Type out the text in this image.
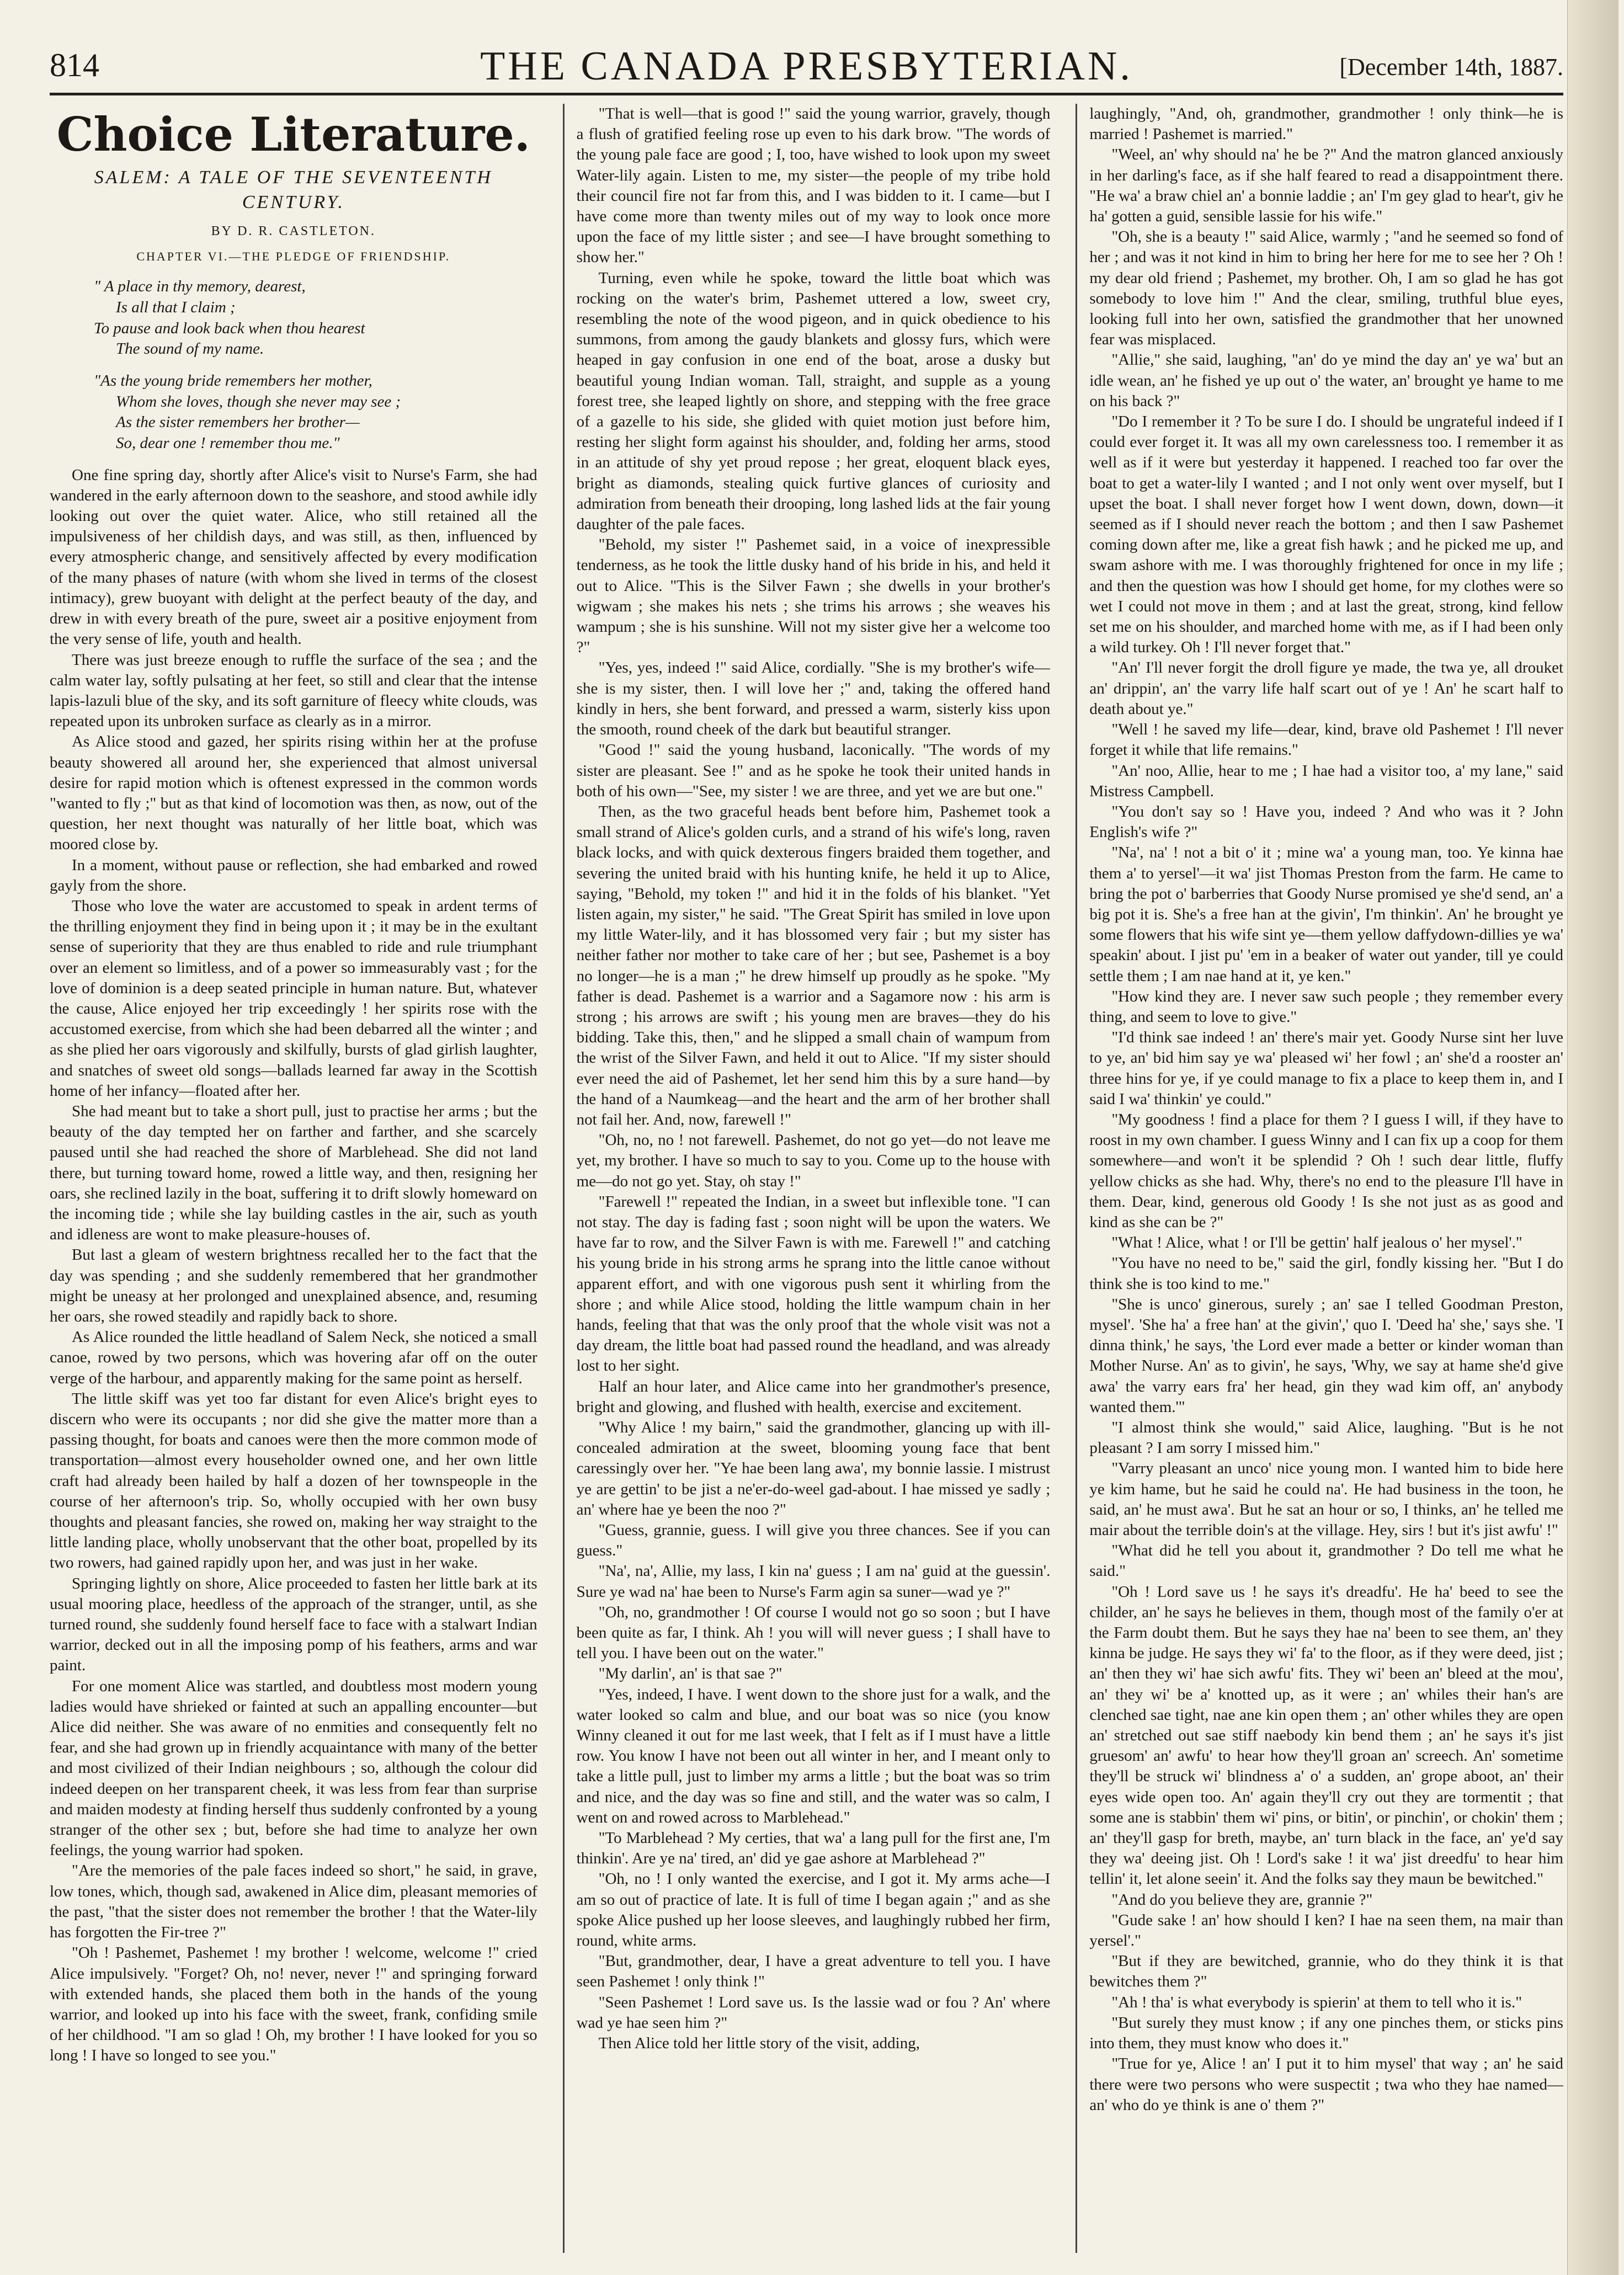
814	THE CANADA PRESBYTERIAN.	[December 14th, 1887.
Choice Literature.
SALEM: A TALE OF THE SEVENTEENTH CENTURY.
BY D. R. CASTLETON.
CHAPTER VI.—THE PLEDGE OF FRIENDSHIP.
" A place in thy memory, dearest,
Is all that I claim ;
To pause and look back when thou hearest
The sound of my name.
"As the young bride remembers her mother,
Whom she loves, though she never may see ;
As the sister remembers her brother—
So, dear one ! remember thou me."

One fine spring day, shortly after Alice's visit to Nurse's Farm, she had wandered in the early afternoon down to the seashore, and stood awhile idly looking out over the quiet water. Alice, who still retained all the impulsiveness of her childish days, and was still, as then, influenced by every atmospheric change, and sensitively affected by every modification of the many phases of nature (with whom she lived in terms of the closest intimacy), grew buoyant with delight at the perfect beauty of the day, and drew in with every breath of the pure, sweet air a positive enjoyment from the very sense of life, youth and health.

There was just breeze enough to ruffle the surface of the sea ; and the calm water lay, softly pulsating at her feet, so still and clear that the intense lapis-lazuli blue of the sky, and its soft garniture of fleecy white clouds, was repeated upon its unbroken surface as clearly as in a mirror.

As Alice stood and gazed, her spirits rising within her at the profuse beauty showered all around her, she experienced that almost universal desire for rapid motion which is oftenest expressed in the common words "wanted to fly ;" but as that kind of locomotion was then, as now, out of the question, her next thought was naturally of her little boat, which was moored close by.

In a moment, without pause or reflection, she had embarked and rowed gayly from the shore.

Those who love the water are accustomed to speak in ardent terms of the thrilling enjoyment they find in being upon it ; it may be in the exultant sense of superiority that they are thus enabled to ride and rule triumphant over an element so limitless, and of a power so immeasurably vast ; for the love of dominion is a deep seated principle in human nature. But, whatever the cause, Alice enjoyed her trip exceedingly ! her spirits rose with the accustomed exercise, from which she had been debarred all the winter ; and as she plied her oars vigorously and skilfully, bursts of glad girlish laughter, and snatches of sweet old songs—ballads learned far away in the Scottish home of her infancy—floated after her.

She had meant but to take a short pull, just to practise her arms ; but the beauty of the day tempted her on farther and farther, and she scarcely paused until she had reached the shore of Marblehead. She did not land there, but turning toward home, rowed a little way, and then, resigning her oars, she reclined lazily in the boat, suffering it to drift slowly homeward on the incoming tide ; while she lay building castles in the air, such as youth and idleness are wont to make pleasure-houses of.

But last a gleam of western brightness recalled her to the fact that the day was spending ; and she suddenly remembered that her grandmother might be uneasy at her prolonged and unexplained absence, and, resuming her oars, she rowed steadily and rapidly back to shore.

As Alice rounded the little headland of Salem Neck, she noticed a small canoe, rowed by two persons, which was hovering afar off on the outer verge of the harbour, and apparently making for the same point as herself.

The little skiff was yet too far distant for even Alice's bright eyes to discern who were its occupants ; nor did she give the matter more than a passing thought, for boats and canoes were then the more common mode of transportation—almost every householder owned one, and her own little craft had already been hailed by half a dozen of her townspeople in the course of her afternoon's trip. So, wholly occupied with her own busy thoughts and pleasant fancies, she rowed on, making her way straight to the little landing place, wholly unobservant that the other boat, propelled by its two rowers, had gained rapidly upon her, and was just in her wake.

Springing lightly on shore, Alice proceeded to fasten her little bark at its usual mooring place, heedless of the approach of the stranger, until, as she turned round, she suddenly found herself face to face with a stalwart Indian warrior, decked out in all the imposing pomp of his feathers, arms and war paint.

For one moment Alice was startled, and doubtless most modern young ladies would have shrieked or fainted at such an appalling encounter—but Alice did neither. She was aware of no enmities and consequently felt no fear, and she had grown up in friendly acquaintance with many of the better and most civilized of their Indian neighbours ; so, although the colour did indeed deepen on her transparent cheek, it was less from fear than surprise and maiden modesty at finding herself thus suddenly confronted by a young stranger of the other sex ; but, before she had time to analyze her own feelings, the young warrior had spoken.

"Are the memories of the pale faces indeed so short," he said, in grave, low tones, which, though sad, awakened in Alice dim, pleasant memories of the past, "that the sister does not remember the brother ! that the Water-lily has forgotten the Fir-tree ?"

"Oh ! Pashemet, Pashemet ! my brother ! welcome, welcome !" cried Alice impulsively. "Forget? Oh, no! never, never !" and springing forward with extended hands, she placed them both in the hands of the young warrior, and looked up into his face with the sweet, frank, confiding smile of her childhood. "I am so glad ! Oh, my brother ! I have looked for you so long ! I have so longed to see you."

"That is well—that is good !" said the young warrior, gravely, though a flush of gratified feeling rose up even to his dark brow. "The words of the young pale face are good ; I, too, have wished to look upon my sweet Water-lily again. Listen to me, my sister—the people of my tribe hold their council fire not far from this, and I was bidden to it. I came—but I have come more than twenty miles out of my way to look once more upon the face of my little sister ; and see—I have brought something to show her."

Turning, even while he spoke, toward the little boat which was rocking on the water's brim, Pashemet uttered a low, sweet cry, resembling the note of the wood pigeon, and in quick obedience to his summons, from among the gaudy blankets and glossy furs, which were heaped in gay confusion in one end of the boat, arose a dusky but beautiful young Indian woman. Tall, straight, and supple as a young forest tree, she leaped lightly on shore, and stepping with the free grace of a gazelle to his side, she glided with quiet motion just before him, resting her slight form against his shoulder, and, folding her arms, stood in an attitude of shy yet proud repose ; her great, eloquent black eyes, bright as diamonds, stealing quick furtive glances of curiosity and admiration from beneath their drooping, long lashed lids at the fair young daughter of the pale faces.

"Behold, my sister !" Pashemet said, in a voice of inexpressible tenderness, as he took the little dusky hand of his bride in his, and held it out to Alice. "This is the Silver Fawn ; she dwells in your brother's wigwam ; she makes his nets ; she trims his arrows ; she weaves his wampum ; she is his sunshine. Will not my sister give her a welcome too ?"

"Yes, yes, indeed !" said Alice, cordially. "She is my brother's wife—she is my sister, then. I will love her ;" and, taking the offered hand kindly in hers, she bent forward, and pressed a warm, sisterly kiss upon the smooth, round cheek of the dark but beautiful stranger.

"Good !" said the young husband, laconically. "The words of my sister are pleasant. See !" and as he spoke he took their united hands in both of his own—"See, my sister ! we are three, and yet we are but one."

Then, as the two graceful heads bent before him, Pashemet took a small strand of Alice's golden curls, and a strand of his wife's long, raven black locks, and with quick dexterous fingers braided them together, and severing the united braid with his hunting knife, he held it up to Alice, saying, "Behold, my token !" and hid it in the folds of his blanket. "Yet listen again, my sister," he said. "The Great Spirit has smiled in love upon my little Water-lily, and it has blossomed very fair ; but my sister has neither father nor mother to take care of her ; but see, Pashemet is a boy no longer—he is a man ;" he drew himself up proudly as he spoke. "My father is dead. Pashemet is a warrior and a Sagamore now : his arm is strong ; his arrows are swift ; his young men are braves—they do his bidding. Take this, then," and he slipped a small chain of wampum from the wrist of the Silver Fawn, and held it out to Alice. "If my sister should ever need the aid of Pashemet, let her send him this by a sure hand—by the hand of a Naumkeag—and the heart and the arm of her brother shall not fail her. And, now, farewell !"

"Oh, no, no ! not farewell. Pashemet, do not go yet—do not leave me yet, my brother. I have so much to say to you. Come up to the house with me—do not go yet. Stay, oh stay !"

"Farewell !" repeated the Indian, in a sweet but inflexible tone. "I can not stay. The day is fading fast ; soon night will be upon the waters. We have far to row, and the Silver Fawn is with me. Farewell !" and catching his young bride in his strong arms he sprang into the little canoe without apparent effort, and with one vigorous push sent it whirling from the shore ; and while Alice stood, holding the little wampum chain in her hands, feeling that that was the only proof that the whole visit was not a day dream, the little boat had passed round the headland, and was already lost to her sight.

Half an hour later, and Alice came into her grandmother's presence, bright and glowing, and flushed with health, exercise and excitement.

"Why Alice ! my bairn," said the grandmother, glancing up with ill-concealed admiration at the sweet, blooming young face that bent caressingly over her. "Ye hae been lang awa', my bonnie lassie. I mistrust ye are gettin' to be jist a ne'er-do-weel gad-about. I hae missed ye sadly ; an' where hae ye been the noo ?"

"Guess, grannie, guess. I will give you three chances. See if you can guess."

"Na', na', Allie, my lass, I kin na' guess ; I am na' guid at the guessin'. Sure ye wad na' hae been to Nurse's Farm agin sa suner—wad ye ?"

"Oh, no, grandmother ! Of course I would not go so soon ; but I have been quite as far, I think. Ah ! you will will never guess ; I shall have to tell you. I have been out on the water."

"My darlin', an' is that sae ?"

"Yes, indeed, I have. I went down to the shore just for a walk, and the water looked so calm and blue, and our boat was so nice (you know Winny cleaned it out for me last week, that I felt as if I must have a little row. You know I have not been out all winter in her, and I meant only to take a little pull, just to limber my arms a little ; but the boat was so trim and nice, and the day was so fine and still, and the water was so calm, I went on and rowed across to Marblehead."

"To Marblehead ? My certies, that wa' a lang pull for the first ane, I'm thinkin'. Are ye na' tired, an' did ye gae ashore at Marblehead ?"

"Oh, no ! I only wanted the exercise, and I got it. My arms ache—I am so out of practice of late. It is full of time I began again ;" and as she spoke Alice pushed up her loose sleeves, and laughingly rubbed her firm, round, white arms.

"But, grandmother, dear, I have a great adventure to tell you. I have seen Pashemet ! only think !"

"Seen Pashemet ! Lord save us. Is the lassie wad or fou ? An' where wad ye hae seen him ?"

Then Alice told her little story of the visit, adding,

laughingly, "And, oh, grandmother, grandmother ! only think—he is married ! Pashemet is married."

"Weel, an' why should na' he be ?" And the matron glanced anxiously in her darling's face, as if she half feared to read a disappointment there. "He wa' a braw chiel an' a bonnie laddie ; an' I'm gey glad to hear't, giv he ha' gotten a guid, sensible lassie for his wife."

"Oh, she is a beauty !" said Alice, warmly ; "and he seemed so fond of her ; and was it not kind in him to bring her here for me to see her ? Oh ! my dear old friend ; Pashemet, my brother. Oh, I am so glad he has got somebody to love him !" And the clear, smiling, truthful blue eyes, looking full into her own, satisfied the grandmother that her unowned fear was misplaced.

"Allie," she said, laughing, "an' do ye mind the day an' ye wa' but an idle wean, an' he fished ye up out o' the water, an' brought ye hame to me on his back ?"

"Do I remember it ? To be sure I do. I should be ungrateful indeed if I could ever forget it. It was all my own carelessness too. I remember it as well as if it were but yesterday it happened. I reached too far over the boat to get a water-lily I wanted ; and I not only went over myself, but I upset the boat. I shall never forget how I went down, down, down—it seemed as if I should never reach the bottom ; and then I saw Pashemet coming down after me, like a great fish hawk ; and he picked me up, and swam ashore with me. I was thoroughly frightened for once in my life ; and then the question was how I should get home, for my clothes were so wet I could not move in them ; and at last the great, strong, kind fellow set me on his shoulder, and marched home with me, as if I had been only a wild turkey. Oh ! I'll never forget that."

"An' I'll never forgit the droll figure ye made, the twa ye, all drouket an' drippin', an' the varry life half scart out of ye ! An' he scart half to death about ye."

"Well ! he saved my life—dear, kind, brave old Pashemet ! I'll never forget it while that life remains."

"An' noo, Allie, hear to me ; I hae had a visitor too, a' my lane," said Mistress Campbell.

"You don't say so ! Have you, indeed ? And who was it ? John English's wife ?"

"Na', na' ! not a bit o' it ; mine wa' a young man, too. Ye kinna hae them a' to yersel'—it wa' jist Thomas Preston from the farm. He came to bring the pot o' barberries that Goody Nurse promised ye she'd send, an' a big pot it is. She's a free han at the givin', I'm thinkin'. An' he brought ye some flowers that his wife sint ye—them yellow daffydown-dillies ye wa' speakin' about. I jist pu' 'em in a beaker of water out yander, till ye could settle them ; I am nae hand at it, ye ken."

"How kind they are. I never saw such people ; they remember every thing, and seem to love to give."

"I'd think sae indeed ! an' there's mair yet. Goody Nurse sint her luve to ye, an' bid him say ye wa' pleased wi' her fowl ; an' she'd a rooster an' three hins for ye, if ye could manage to fix a place to keep them in, and I said I wa' thinkin' ye could."

"My goodness ! find a place for them ? I guess I will, if they have to roost in my own chamber. I guess Winny and I can fix up a coop for them somewhere—and won't it be splendid ? Oh ! such dear little, fluffy yellow chicks as she had. Why, there's no end to the pleasure I'll have in them. Dear, kind, generous old Goody ! Is she not just as as good and kind as she can be ?"

"What ! Alice, what ! or I'll be gettin' half jealous o' her mysel'."

"You have no need to be," said the girl, fondly kissing her. "But I do think she is too kind to me."

"She is unco' ginerous, surely ; an' sae I telled Goodman Preston, mysel'. 'She ha' a free han' at the givin',' quo I. 'Deed ha' she,' says she. 'I dinna think,' he says, 'the Lord ever made a better or kinder woman than Mother Nurse. An' as to givin', he says, 'Why, we say at hame she'd give awa' the varry ears fra' her head, gin they wad kim off, an' anybody wanted them.'"

"I almost think she would," said Alice, laughing. "But is he not pleasant ? I am sorry I missed him."

"Varry pleasant an unco' nice young mon. I wanted him to bide here ye kim hame, but he said he could na'. He had business in the toon, he said, an' he must awa'. But he sat an hour or so, I thinks, an' he telled me mair about the terrible doin's at the village. Hey, sirs ! but it's jist awfu' !"

"What did he tell you about it, grandmother ? Do tell me what he said."

"Oh ! Lord save us ! he says it's dreadfu'. He ha' beed to see the childer, an' he says he believes in them, though most of the family o'er at the Farm doubt them. But he says they hae na' been to see them, an' they kinna be judge. He says they wi' fa' to the floor, as if they were deed, jist ; an' then they wi' hae sich awfu' fits. They wi' been an' bleed at the mou', an' they wi' be a' knotted up, as it were ; an' whiles their han's are clenched sae tight, nae ane kin open them ; an' other whiles they are open an' stretched out sae stiff naebody kin bend them ; an' he says it's jist gruesom' an' awfu' to hear how they'll groan an' screech. An' sometime they'll be struck wi' blindness a' o' a sudden, an' grope aboot, an' their eyes wide open too. An' again they'll cry out they are tormentit ; that some ane is stabbin' them wi' pins, or bitin', or pinchin', or chokin' them ; an' they'll gasp for breth, maybe, an' turn black in the face, an' ye'd say they wa' deeing jist. Oh ! Lord's sake ! it wa' jist dreedfu' to hear him tellin' it, let alone seein' it. And the folks say they maun be bewitched."

"And do you believe they are, grannie ?"

"Gude sake ! an' how should I ken? I hae na seen them, na mair than yersel'."

"But if they are bewitched, grannie, who do they think it is that bewitches them ?"

"Ah ! tha' is what everybody is spierin' at them to tell who it is."

"But surely they must know ; if any one pinches them, or sticks pins into them, they must know who does it."

"True for ye, Alice ! an' I put it to him mysel' that way ; an' he said there were two persons who were suspectit ; twa who they hae named—an' who do ye think is ane o' them ?"
